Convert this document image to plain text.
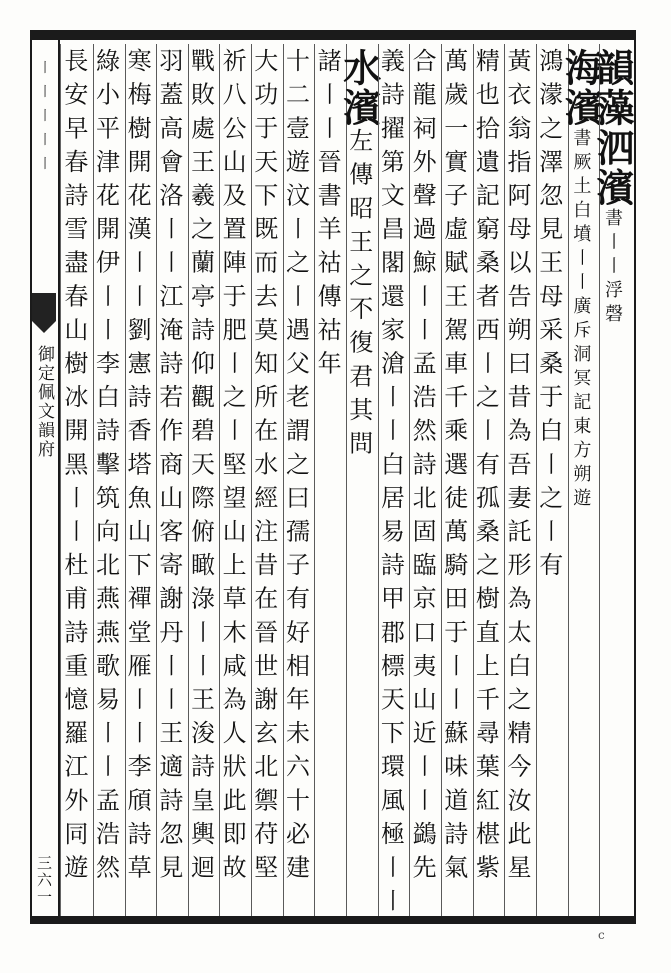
〡〡〡〡〡
御定佩文韻府
三六一
韻藻泗濱書〡〡浮磬
海濱書厥土白墳〡〡廣斥洞冥記東方朔遊
鴻濛之澤忽見王母采桑于白〡之〡有
黃衣翁指阿母以告朔曰昔為吾妻託形為太白之精今汝此星
精也拾遺記窮桑者西〡之〡有孤桑之樹直上千尋葉紅椹紫
萬歲一實子虛賦王駕車千乘選徒萬騎田于〡〡蘇味道詩氣
合龍祠外聲過鯨〡〡孟浩然詩北固臨京口夷山近〡〡鷁先
義詩擢第文昌閣還家滄〡〡白居易詩甲郡標天下環風極〡〡
水濱左傳昭王之不復君其問
諸〡〡晉書羊祜傳祜年
十二壹遊汶〡之〡遇父老謂之曰孺子有好相年未六十必建
大功于天下既而去莫知所在水經注昔在晉世謝玄北禦苻堅
祈八公山及置陣于肥〡之〡堅望山上草木咸為人狀此即故
戰敗處王羲之蘭亭詩仰觀碧天際俯瞰淥〡〡王浚詩皇輿迴
羽蓋高會洛〡〡江淹詩若作商山客寄謝丹〡〡王適詩忽見
寒梅樹開花漢〡〡劉憲詩香塔魚山下禪堂雁〡〡李頎詩草
綠小平津花開伊〡〡李白詩擊筑向北燕燕歌易〡〡孟浩然
長安早春詩雪盡春山樹冰開黑〡〡杜甫詩重憶羅江外同遊
c
